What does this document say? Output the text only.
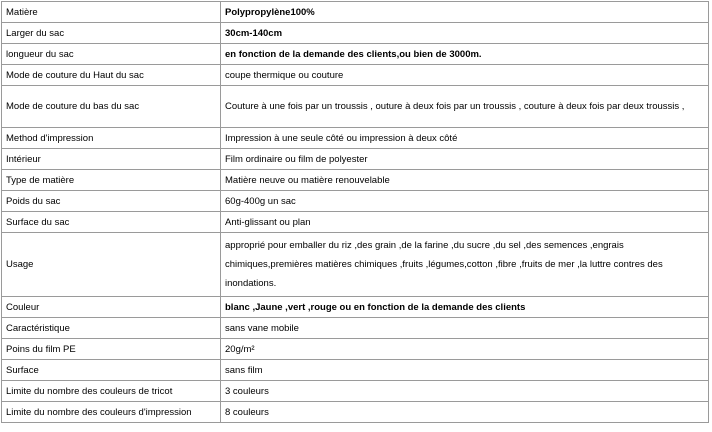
Matière	Polypropylène100%
Larger du sac	30cm-140cm
longueur du sac	en fonction de la demande des clients,ou bien de 3000m.
Mode de couture du Haut du sac	coupe thermique ou couture
Mode de couture du bas du sac	Couture à une fois par un troussis , outure à deux fois par un troussis , couture à deux fois par deux troussis ,
Method d'impression	Impression à une seule côté ou impression à deux côté
Intérieur	Film ordinaire ou film de polyester
Type de matière	Matière neuve ou matière renouvelable
Poids du sac	60g-400g un sac
Surface du sac	Anti-glissant ou plan
Usage	approprié pour emballer du riz ,des grain ,de la farine ,du sucre ,du sel ,des semences ,engrais chimiques,premières matières chimiques ,fruits ,légumes,cotton ,fibre ,fruits de mer ,la luttre contres des inondations.
Couleur	blanc ,Jaune ,vert ,rouge ou en fonction de la demande des clients
Caractéristique	sans vane mobile
Poins du film PE	20g/m²
Surface	sans film
Limite du nombre des couleurs de tricot	3 couleurs
Limite du nombre des couleurs d'impression	8 couleurs
